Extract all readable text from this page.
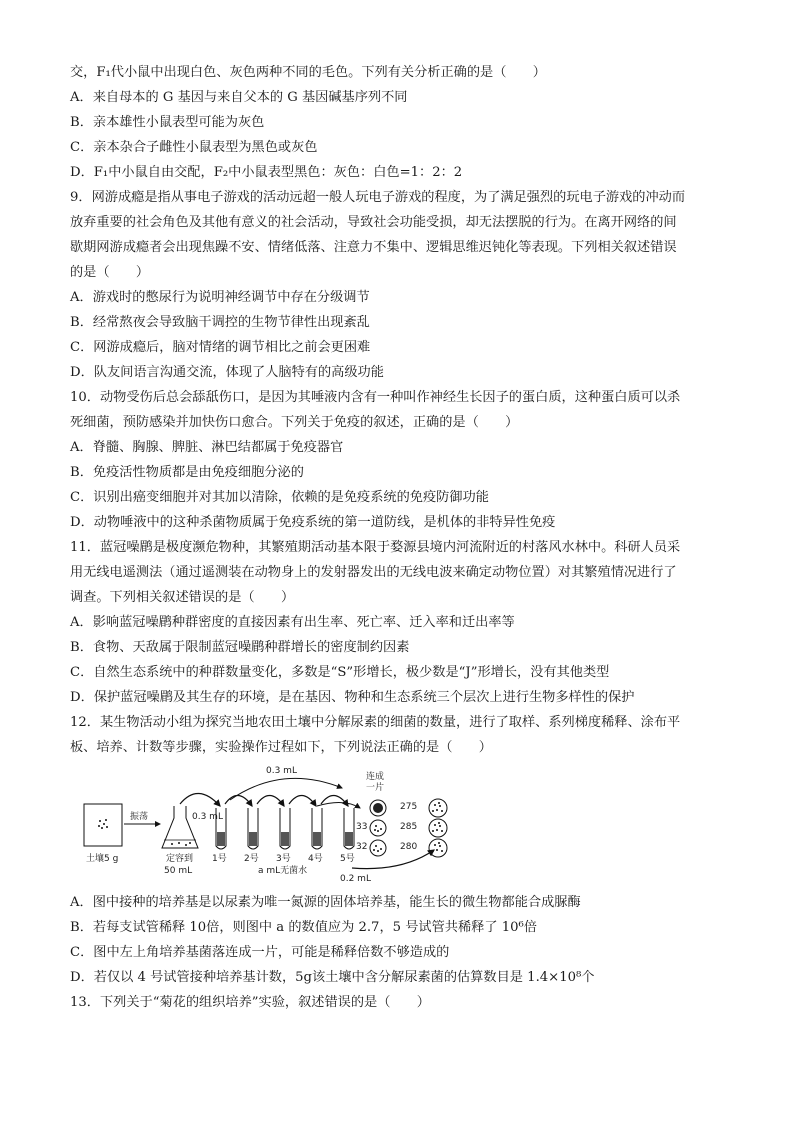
交，F₁代小鼠中出现白色、灰色两种不同的毛色。下列有关分析正确的是（　　）
A．来自母本的 G 基因与来自父本的 G 基因碱基序列不同
B．亲本雄性小鼠表型可能为灰色
C．亲本杂合子雌性小鼠表型为黑色或灰色
D．F₁中小鼠自由交配，F₂中小鼠表型黑色：灰色：白色=1：2：2
9．网游成瘾是指从事电子游戏的活动远超一般人玩电子游戏的程度，为了满足强烈的玩电子游戏的冲动而
放弃重要的社会角色及其他有意义的社会活动，导致社会功能受损，却无法摆脱的行为。在离开网络的间
歇期网游成瘾者会出现焦躁不安、情绪低落、注意力不集中、逻辑思维迟钝化等表现。下列相关叙述错误
的是（　　）
A．游戏时的憋尿行为说明神经调节中存在分级调节
B．经常熬夜会导致脑干调控的生物节律性出现紊乱
C．网游成瘾后，脑对情绪的调节相比之前会更困难
D．队友间语言沟通交流，体现了人脑特有的高级功能
10．动物受伤后总会舔舐伤口，是因为其唾液内含有一种叫作神经生长因子的蛋白质，这种蛋白质可以杀
死细菌，预防感染并加快伤口愈合。下列关于免疫的叙述，正确的是（　　）
A．脊髓、胸腺、脾脏、淋巴结都属于免疫器官
B．免疫活性物质都是由免疫细胞分泌的
C．识别出癌变细胞并对其加以清除，依赖的是免疫系统的免疫防御功能
D．动物唾液中的这种杀菌物质属于免疫系统的第一道防线，是机体的非特异性免疫
11．蓝冠噪鹛是极度濒危物种，其繁殖期活动基本限于婺源县境内河流附近的村落风水林中。科研人员采
用无线电遥测法（通过遥测装在动物身上的发射器发出的无线电波来确定动物位置）对其繁殖情况进行了
调查。下列相关叙述错误的是（　　）
A．影响蓝冠噪鹛种群密度的直接因素有出生率、死亡率、迁入率和迁出率等
B．食物、天敌属于限制蓝冠噪鹛种群增长的密度制约因素
C．自然生态系统中的种群数量变化，多数是“S”形增长，极少数是“J”形增长，没有其他类型
D．保护蓝冠噪鹛及其生存的环境，是在基因、物种和生态系统三个层次上进行生物多样性的保护
12．某生物活动小组为探究当地农田土壤中分解尿素的细菌的数量，进行了取样、系列梯度稀释、涂布平
板、培养、计数等步骤，实验操作过程如下，下列说法正确的是（　　）
土壤5 g
振荡
定容到
50 mL
0.3 mL
0.3 mL
1号 2号 3号 4号 5号
a mL无菌水
0.2 mL
连成一片
33
32
275
285
280
A．图中接种的培养基是以尿素为唯一氮源的固体培养基，能生长的微生物都能合成脲酶
B．若每支试管稀释 10倍，则图中 a 的数值应为 2.7，5 号试管共稀释了 10⁶倍
C．图中左上角培养基菌落连成一片，可能是稀释倍数不够造成的
D．若仅以 4 号试管接种培养基计数，5g该土壤中含分解尿素菌的估算数目是 1.4×10⁸个
13．下列关于“菊花的组织培养”实验，叙述错误的是（　　）
